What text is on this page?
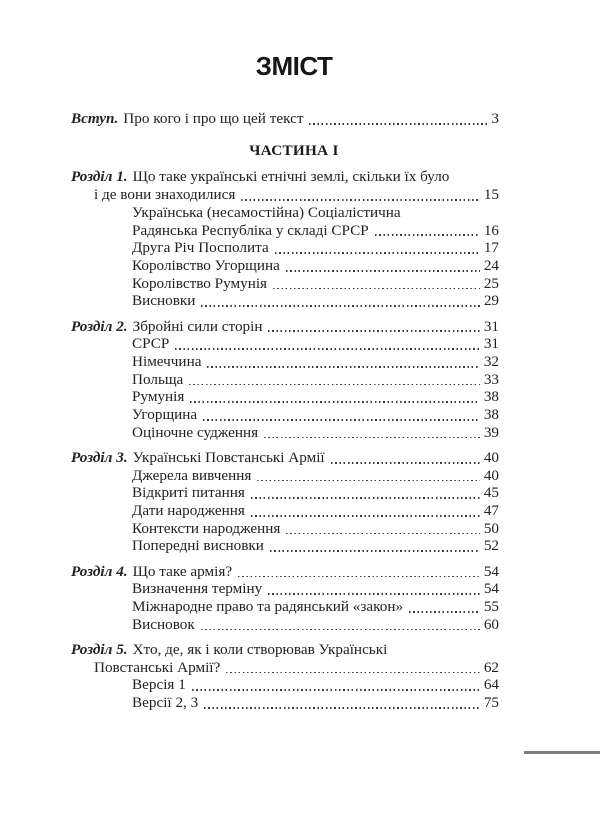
ЗМІСТ
Вступ. Про кого і про що цей текст	3
ЧАСТИНА І
Розділ 1. Що таке українські етнічні землі, скільки їх було
і де вони знаходилися	15
Українська (несамостійна) Соціалістична
Радянська Республіка у складі СРСР	16
Друга Річ Посполита	17
Королівство Угорщина	24
Королівство Румунія	25
Висновки	29
Розділ 2. Збройні сили сторін	31
СРСР	31
Німеччина	32
Польща	33
Румунія	38
Угорщина	38
Оціночне судження	39
Розділ 3. Українські Повстанські Армії	40
Джерела вивчення	40
Відкриті питання	45
Дати народження	47
Контексти народження	50
Попередні висновки	52
Розділ 4. Що таке армія?	54
Визначення терміну	54
Міжнародне право та радянський «закон»	55
Висновок	60
Розділ 5. Хто, де, як і коли створював Українські
Повстанські Армії?	62
Версія 1	64
Версії 2, 3	75
